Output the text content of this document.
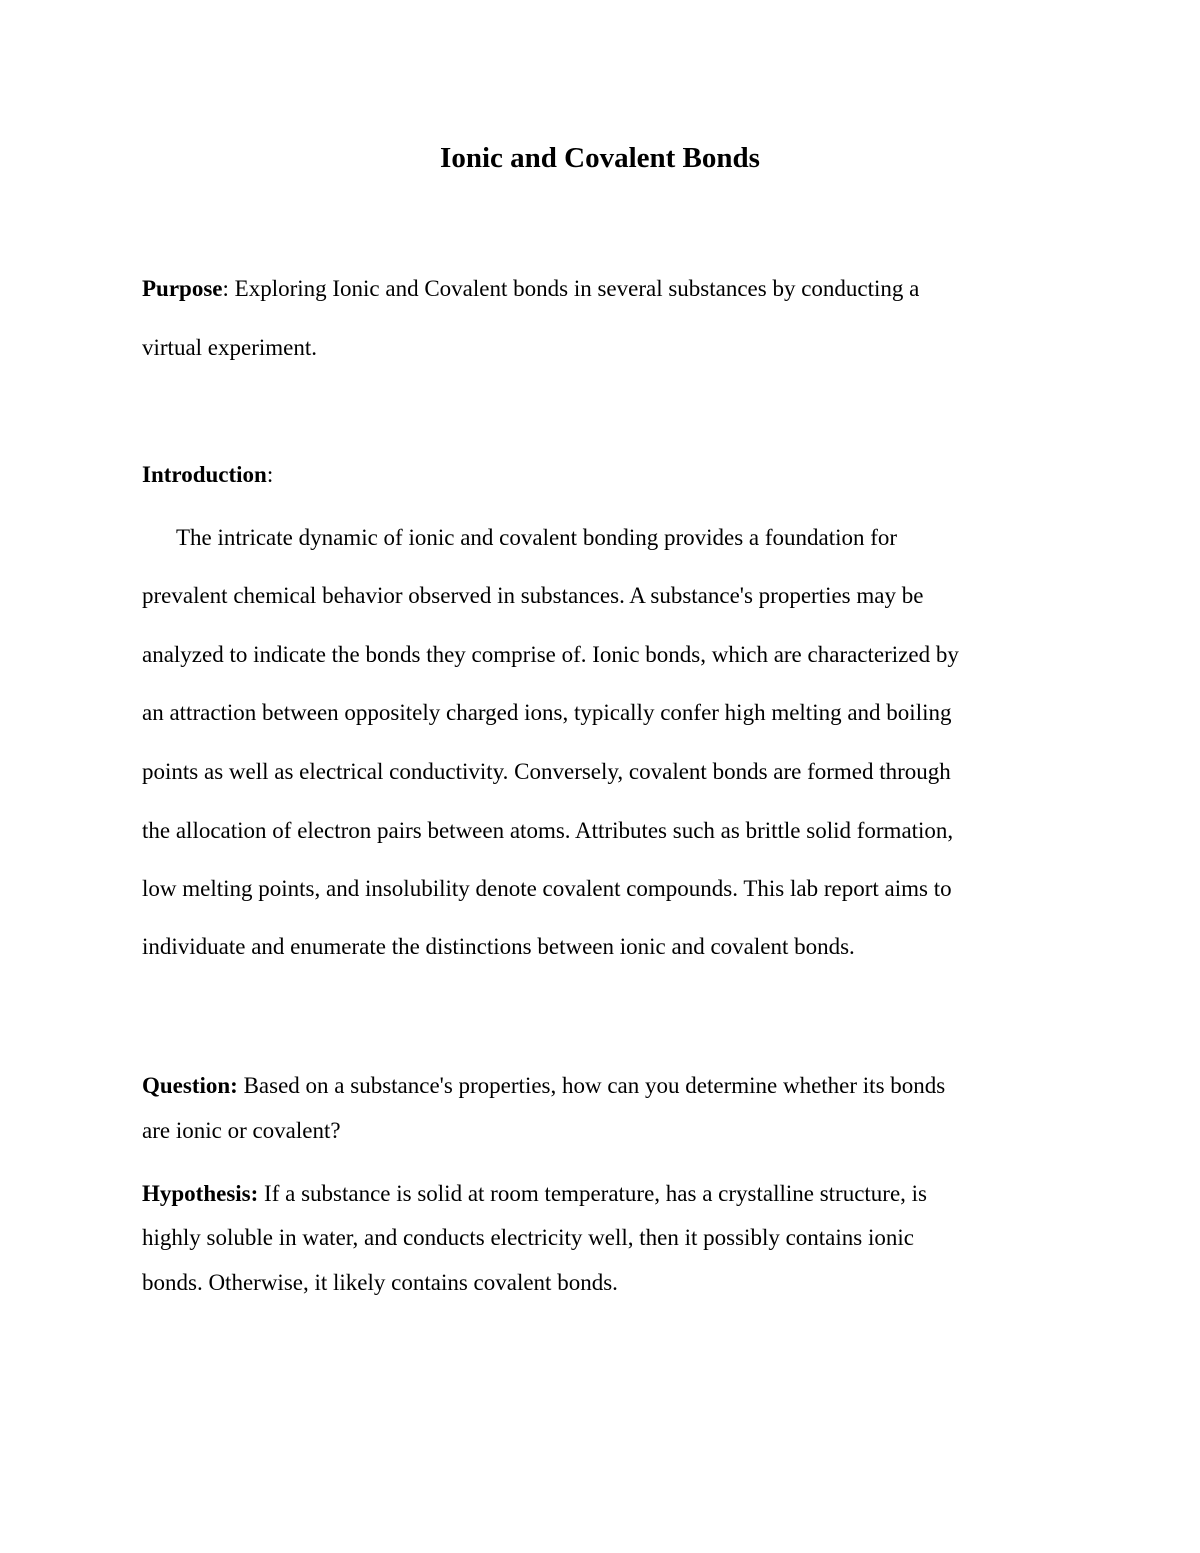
Ionic and Covalent Bonds

Purpose: Exploring Ionic and Covalent bonds in several substances by conducting a

virtual experiment.

Introduction:

The intricate dynamic of ionic and covalent bonding provides a foundation for

prevalent chemical behavior observed in substances. A substance's properties may be

analyzed to indicate the bonds they comprise of. Ionic bonds, which are characterized by

an attraction between oppositely charged ions, typically confer high melting and boiling

points as well as electrical conductivity. Conversely, covalent bonds are formed through

the allocation of electron pairs between atoms. Attributes such as brittle solid formation,

low melting points, and insolubility denote covalent compounds. This lab report aims to

individuate and enumerate the distinctions between ionic and covalent bonds.

Question: Based on a substance's properties, how can you determine whether its bonds

are ionic or covalent?

Hypothesis: If a substance is solid at room temperature, has a crystalline structure, is

highly soluble in water, and conducts electricity well, then it possibly contains ionic

bonds. Otherwise, it likely contains covalent bonds.
